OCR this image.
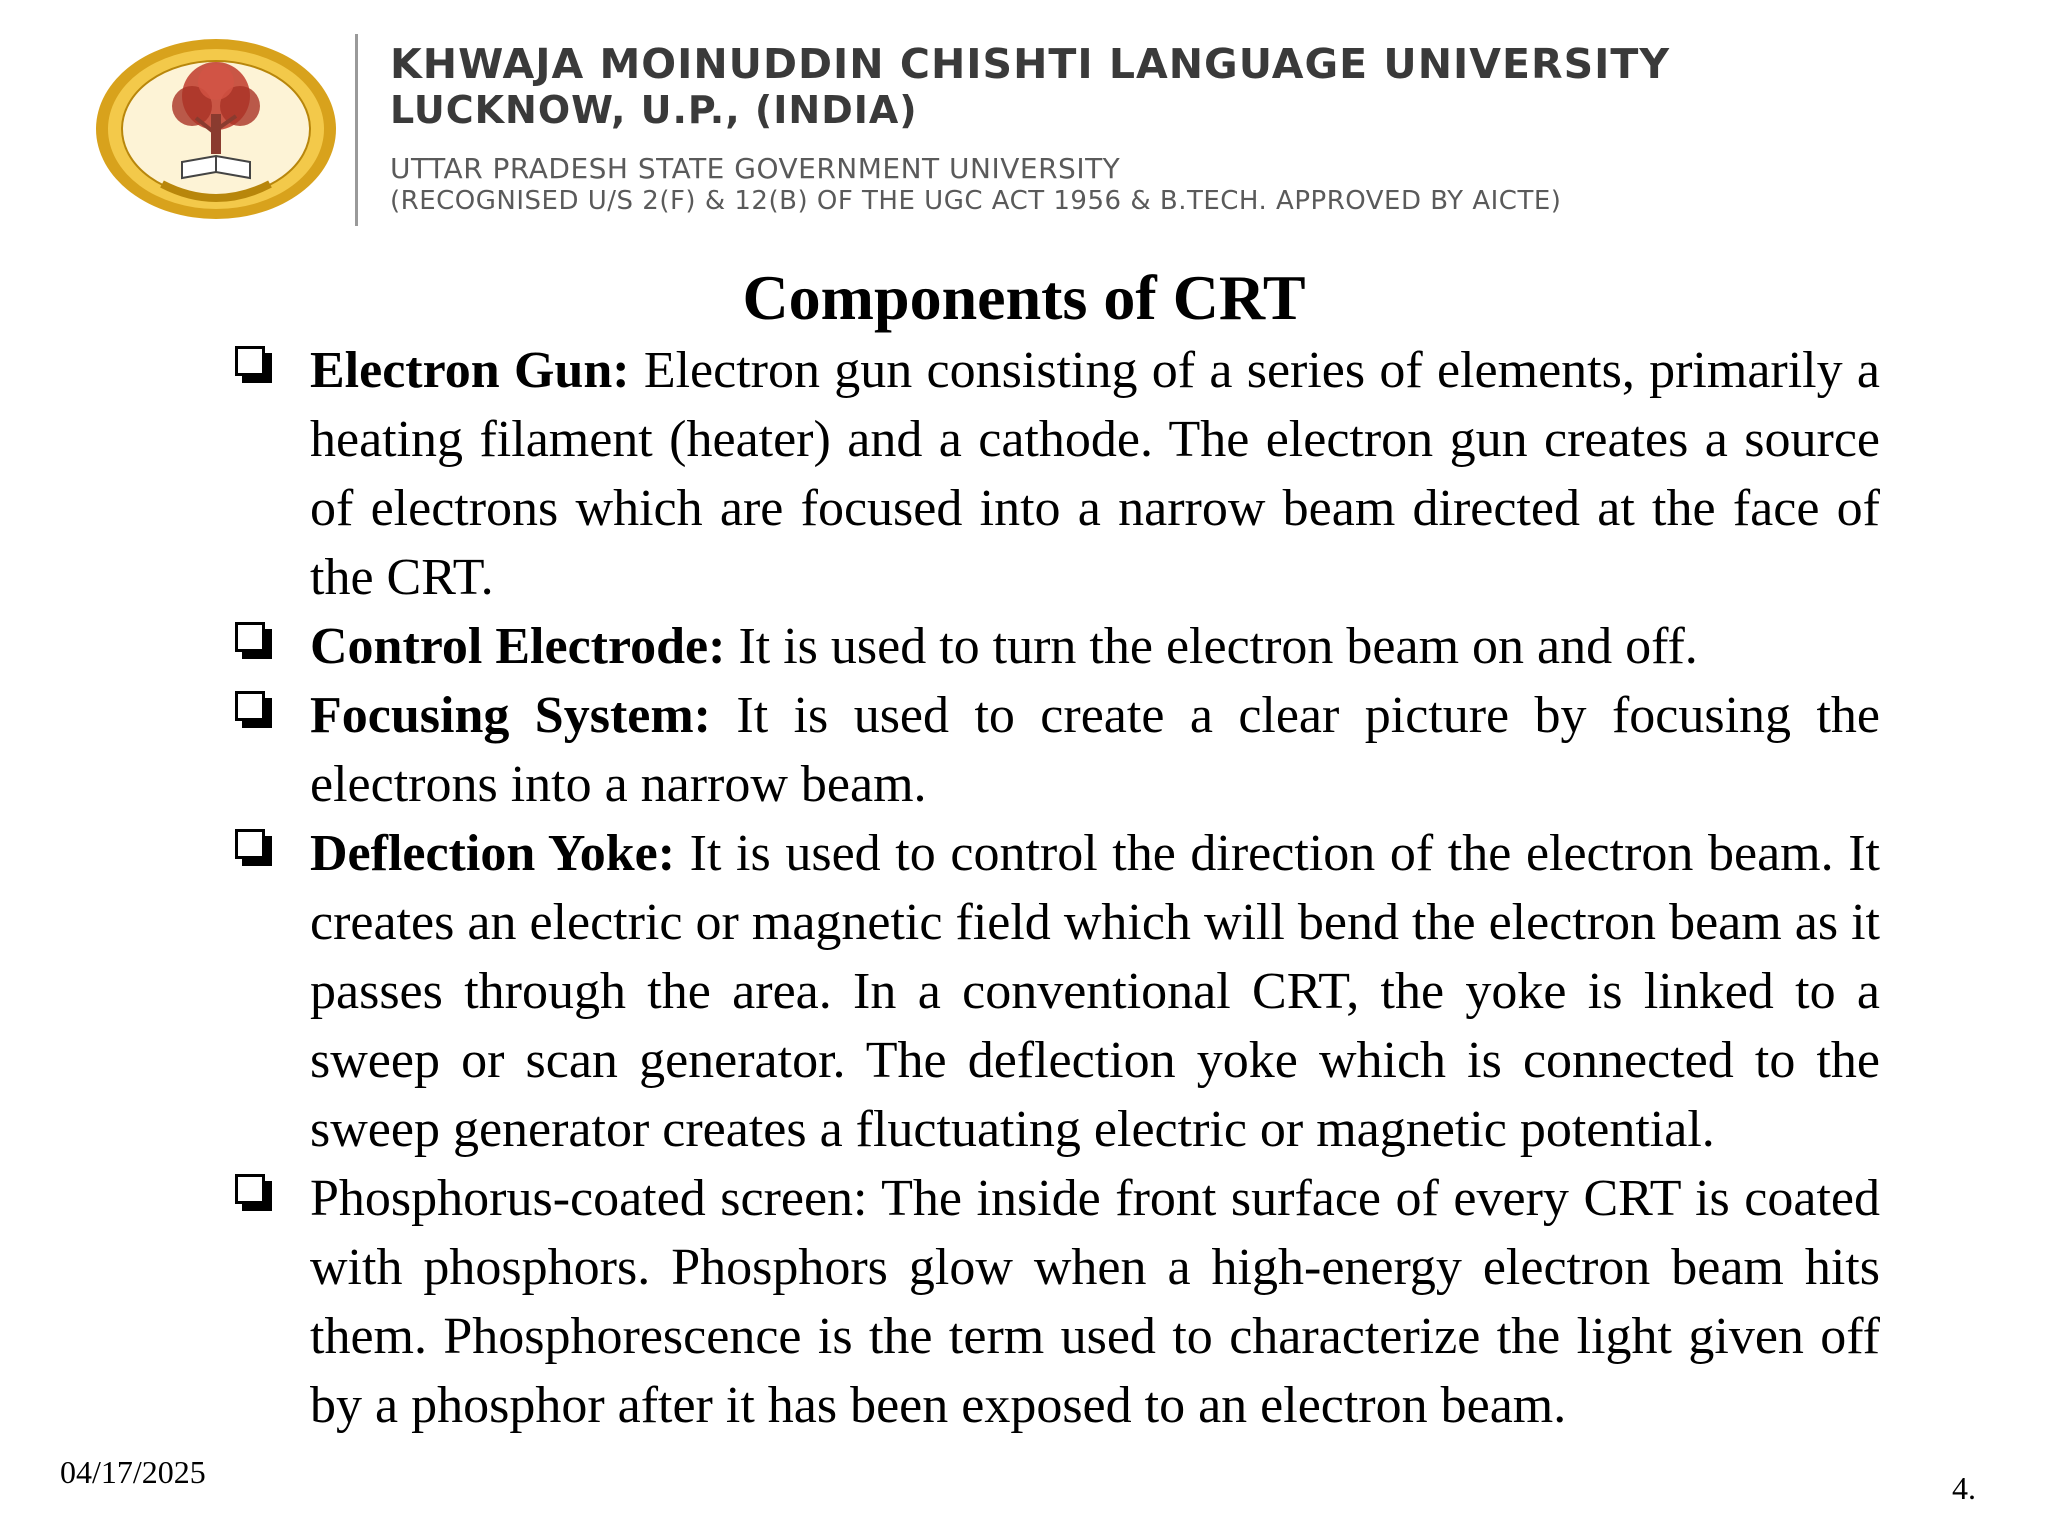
KHWAJA MOINUDDIN CHISHTI LANGUAGE UNIVERSITY
LUCKNOW, U.P., (INDIA)
UTTAR PRADESH STATE GOVERNMENT UNIVERSITY
(RECOGNISED U/S 2(F) & 12(B) OF THE UGC ACT 1956 & B.TECH. APPROVED BY AICTE)
Components of CRT
Electron Gun: Electron gun consisting of a series of elements, primarily a heating filament (heater) and a cathode. The electron gun creates a source of electrons which are focused into a narrow beam directed at the face of the CRT.
Control Electrode: It is used to turn the electron beam on and off.
Focusing System: It is used to create a clear picture by focusing the electrons into a narrow beam.
Deflection Yoke: It is used to control the direction of the electron beam. It creates an electric or magnetic field which will bend the electron beam as it passes through the area. In a conventional CRT, the yoke is linked to a sweep or scan generator. The deflection yoke which is connected to the sweep generator creates a fluctuating electric or magnetic potential.
Phosphorus-coated screen: The inside front surface of every CRT is coated with phosphors. Phosphors glow when a high-energy electron beam hits them. Phosphorescence is the term used to characterize the light given off by a phosphor after it has been exposed to an electron beam.
04/17/2025	4.
